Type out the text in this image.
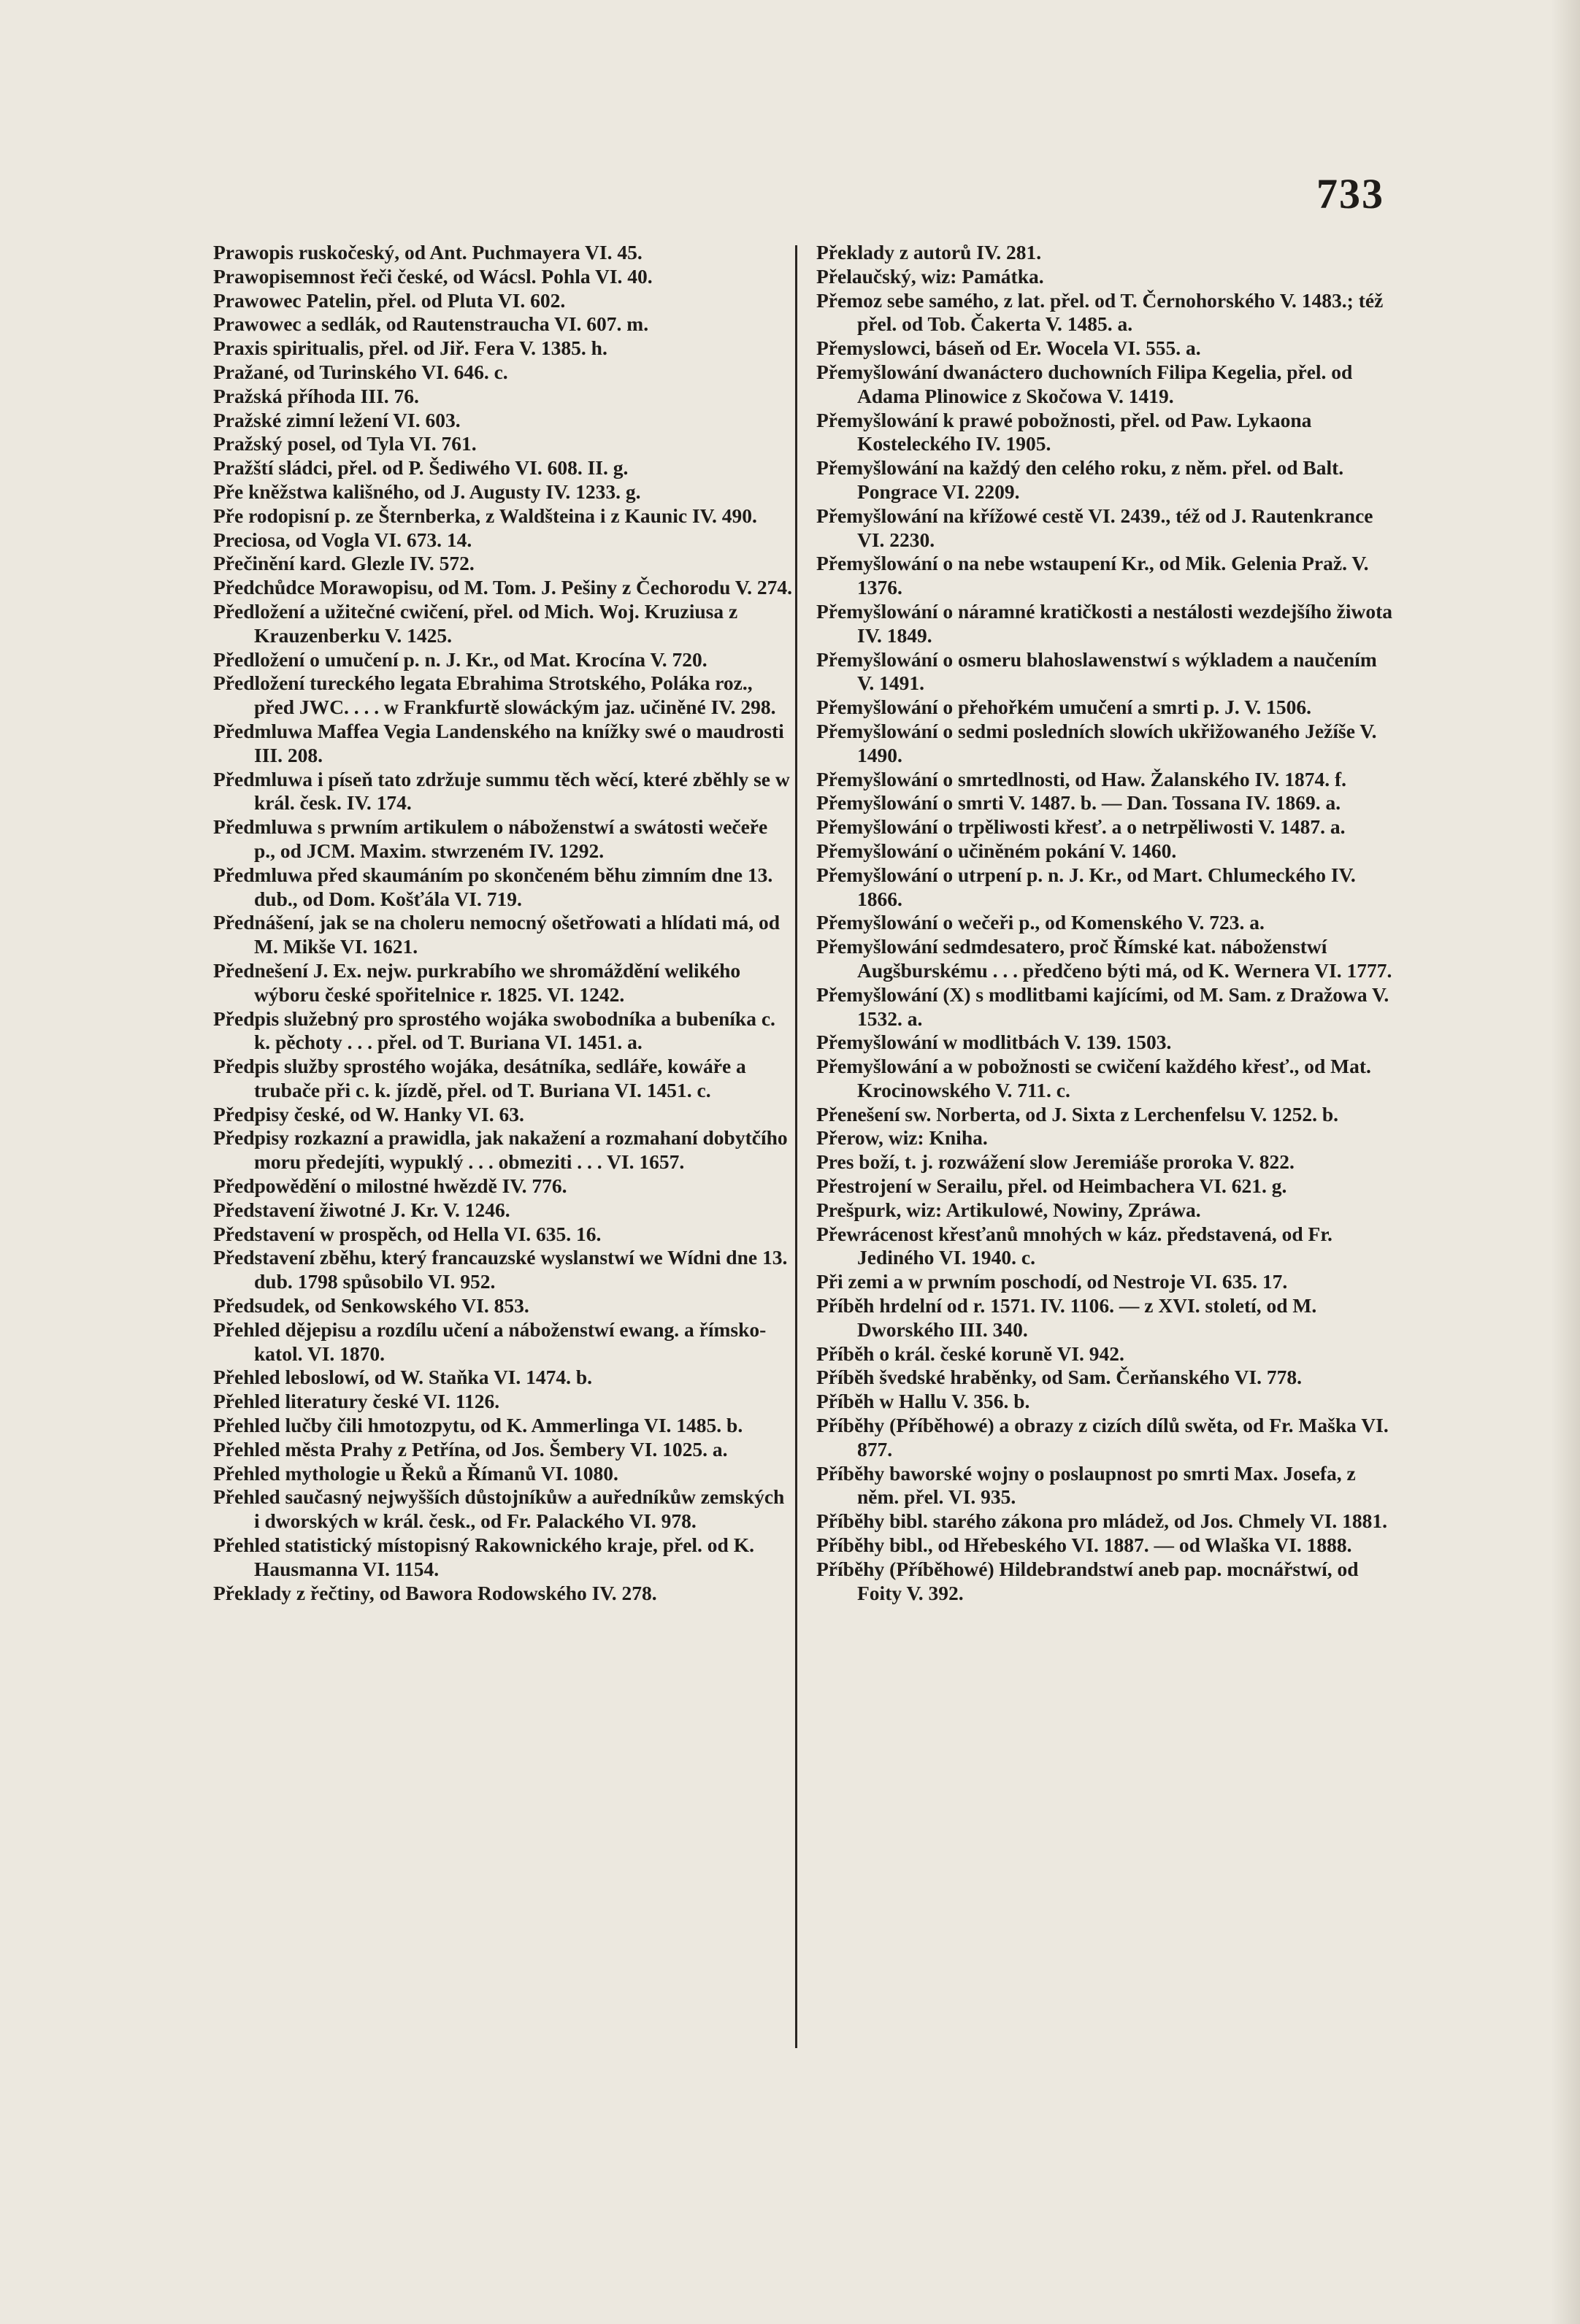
733
Prawopis ruskočeský, od Ant. Puchmayera VI. 45.
Prawopisemnost řeči české, od Wácsl. Pohla VI. 40.
Prawowec Patelin, přel. od Pluta VI. 602.
Prawowec a sedlák, od Rautenstraucha VI. 607. m.
Praxis spiritualis, přel. od Jiř. Fera V. 1385. h.
Pražané, od Turinského VI. 646. c.
Pražská příhoda III. 76.
Pražské zimní ležení VI. 603.
Pražský posel, od Tyla VI. 761.
Pražští sládci, přel. od P. Šediwého VI. 608. II. g.
Pře kněžstwa kališného, od J. Augusty IV. 1233. g.
Pře rodopisní p. ze Šternberka, z Waldšteina i z Kaunic IV. 490.
Preciosa, od Vogla VI. 673. 14.
Přečinění kard. Glezle IV. 572.
Předchůdce Morawopisu, od M. Tom. J. Pešiny z Čechorodu V. 274.
Předložení a užitečné cwičení, přel. od Mich. Woj. Kruziusa z Krauzenberku V. 1425.
Předložení o umučení p. n. J. Kr., od Mat. Krocína V. 720.
Předložení tureckého legata Ebrahima Strotského, Poláka roz., před JWC. . . . w Frankfurtě slowáckým jaz. učiněné IV. 298.
Předmluwa Maffea Vegia Landenského na knížky swé o maudrosti III. 208.
Předmluwa i píseň tato zdržuje summu těch wěcí, které zběhly se w král. česk. IV. 174.
Předmluwa s prwním artikulem o náboženstwí a swátosti wečeře p., od JCM. Maxim. stwrzeném IV. 1292.
Předmluwa před skaumáním po skončeném běhu zimním dne 13. dub., od Dom. Košťála VI. 719.
Přednášení, jak se na choleru nemocný ošetřowati a hlídati má, od M. Mikše VI. 1621.
Přednešení J. Ex. nejw. purkrabího we shromáždění welikého wýboru české spořitelnice r. 1825. VI. 1242.
Předpis služebný pro sprostého wojáka swobodníka a bubeníka c. k. pěchoty . . . přel. od T. Buriana VI. 1451. a.
Předpis služby sprostého wojáka, desátníka, sedláře, kowáře a trubače při c. k. jízdě, přel. od T. Buriana VI. 1451. c.
Předpisy české, od W. Hanky VI. 63.
Předpisy rozkazní a prawidla, jak nakažení a rozmahaní dobytčího moru předejíti, wypuklý . . . obmeziti . . . VI. 1657.
Předpowědění o milostné hwězdě IV. 776.
Představení žiwotné J. Kr. V. 1246.
Představení w prospěch, od Hella VI. 635. 16.
Představení zběhu, který francauzské wyslanstwí we Wídni dne 13. dub. 1798 spůsobilo VI. 952.
Předsudek, od Senkowského VI. 853.
Přehled dějepisu a rozdílu učení a náboženstwí ewang. a římsko-katol. VI. 1870.
Přehled leboslowí, od W. Staňka VI. 1474. b.
Přehled literatury české VI. 1126.
Přehled lučby čili hmotozpytu, od K. Ammerlinga VI. 1485. b.
Přehled města Prahy z Petřína, od Jos. Šembery VI. 1025. a.
Přehled mythologie u Řeků a Římanů VI. 1080.
Přehled saučasný nejwyšších důstojníkůw a auředníkůw zemských i dworských w král. česk., od Fr. Palackého VI. 978.
Přehled statistický místopisný Rakownického kraje, přel. od K. Hausmanna VI. 1154.
Překlady z řečtiny, od Bawora Rodowského IV. 278.
Překlady z autorů IV. 281.
Přelaučský, wiz: Památka.
Přemoz sebe samého, z lat. přel. od T. Černohorského V. 1483.; též přel. od Tob. Čakerta V. 1485. a.
Přemyslowci, báseň od Er. Wocela VI. 555. a.
Přemyšlowání dwanáctero duchowních Filipa Kegelia, přel. od Adama Plinowice z Skočowa V. 1419.
Přemyšlowání k prawé pobožnosti, přel. od Paw. Lykaona Kosteleckého IV. 1905.
Přemyšlowání na každý den celého roku, z něm. přel. od Balt. Pongrace VI. 2209.
Přemyšlowání na křížowé cestě VI. 2439., též od J. Rautenkrance VI. 2230.
Přemyšlowání o na nebe wstaupení Kr., od Mik. Gelenia Praž. V. 1376.
Přemyšlowání o náramné kratičkosti a nestálosti wezdejšího žiwota IV. 1849.
Přemyšlowání o osmeru blahoslawenstwí s wýkladem a naučením V. 1491.
Přemyšlowání o přehořkém umučení a smrti p. J. V. 1506.
Přemyšlowání o sedmi posledních slowích ukřižowaného Ježíše V. 1490.
Přemyšlowání o smrtedlnosti, od Haw. Žalanského IV. 1874. f.
Přemyšlowání o smrti V. 1487. b. — Dan. Tossana IV. 1869. a.
Přemyšlowání o trpěliwosti křesť. a o netrpěliwosti V. 1487. a.
Přemyšlowání o učiněném pokání V. 1460.
Přemyšlowání o utrpení p. n. J. Kr., od Mart. Chlumeckého IV. 1866.
Přemyšlowání o wečeři p., od Komenského V. 723. a.
Přemyšlowání sedmdesatero, proč Římské kat. náboženstwí Augšburskému . . . předčeno býti má, od K. Wernera VI. 1777.
Přemyšlowání (X) s modlitbami kajícími, od M. Sam. z Dražowa V. 1532. a.
Přemyšlowání w modlitbách V. 139. 1503.
Přemyšlowání a w pobožnosti se cwičení každého křesť., od Mat. Krocinowského V. 711. c.
Přenešení sw. Norberta, od J. Sixta z Lerchenfelsu V. 1252. b.
Přerow, wiz: Kniha.
Pres boží, t. j. rozwážení slow Jeremiáše proroka V. 822.
Přestrojení w Serailu, přel. od Heimbachera VI. 621. g.
Prešpurk, wiz: Artikulowé, Nowiny, Zpráwa.
Přewrácenost křesťanů mnohých w káz. představená, od Fr. Jediného VI. 1940. c.
Při zemi a w prwním poschodí, od Nestroje VI. 635. 17.
Příběh hrdelní od r. 1571. IV. 1106. — z XVI. století, od M. Dworského III. 340.
Příběh o král. české koruně VI. 942.
Příběh švedské hraběnky, od Sam. Čerňanského VI. 778.
Příběh w Hallu V. 356. b.
Příběhy (Příběhowé) a obrazy z cizích dílů swěta, od Fr. Maška VI. 877.
Příběhy baworské wojny o poslaupnost po smrti Max. Josefa, z něm. přel. VI. 935.
Příběhy bibl. starého zákona pro mládež, od Jos. Chmely VI. 1881.
Příběhy bibl., od Hřebeského VI. 1887. — od Wlaška VI. 1888.
Příběhy (Příběhowé) Hildebrandstwí aneb pap. mocnářstwí, od Foity V. 392.
